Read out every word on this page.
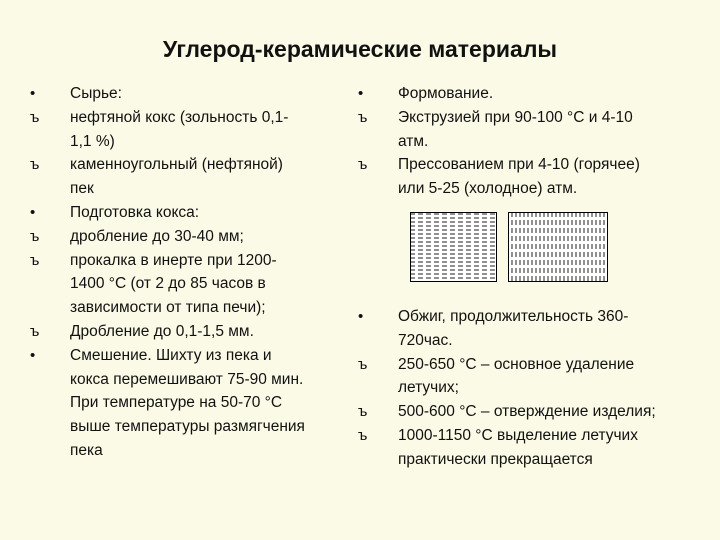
Углерод-керамические материалы
•	Сырье:
ъ	нефтяной кокс (зольность 0,1-
1,1 %)
ъ	каменноугольный (нефтяной)
пек
•	Подготовка кокса:
ъ	дробление до 30-40 мм;
ъ	прокалка в инерте при 1200-
1400 °С (от 2 до 85 часов в
зависимости от типа печи);
ъ	Дробление до 0,1-1,5 мм.
•	Смешение. Шихту из пека и
кокса перемешивают 75-90 мин.
При температуре на 50-70 °С
выше температуры размягчения
пека
•	Формование.
ъ	Экструзией при 90-100 °С и 4-10
атм.
ъ	Прессованием при 4-10 (горячее)
или 5-25 (холодное) атм.
•	Обжиг, продолжительность 360-
720час.
ъ	250-650 °С – основное удаление
летучих;
ъ	500-600 °С – отверждение изделия;
ъ	1000-1150 °С выделение летучих
практически прекращается
